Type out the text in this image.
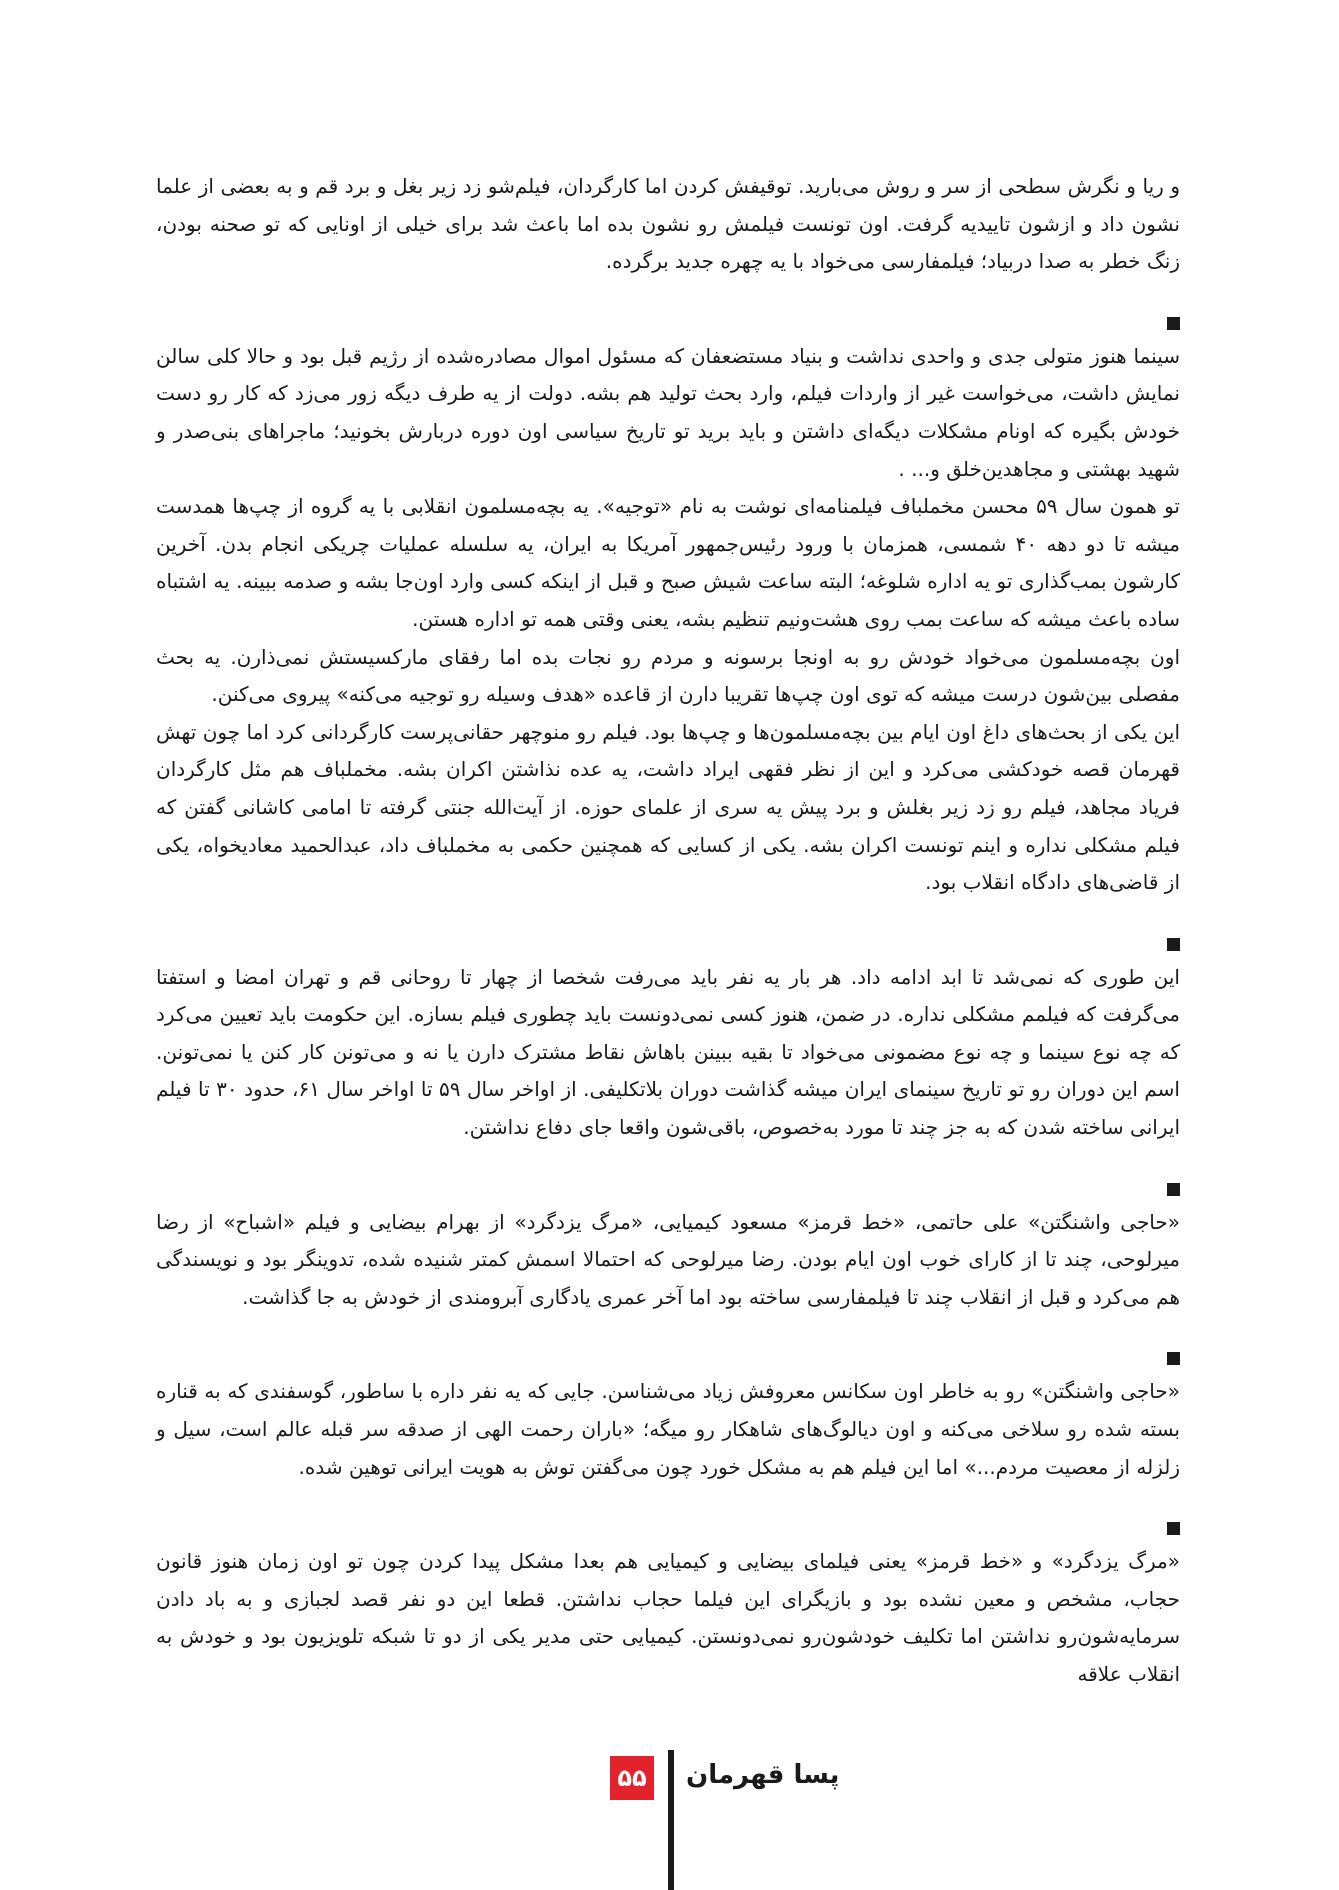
و ریا و نگرش سطحی از سر و روش می‌بارید. توقیفش کردن اما کارگردان، فیلم‌شو زد زیر بغل و برد قم و به بعضی از علما نشون داد و ازشون تاییدیه گرفت. اون تونست فیلمش رو نشون بده اما باعث شد برای خیلی از اونایی که تو صحنه بودن، زنگ خطر به صدا دربیاد؛ فیلمفارسی می‌خواد با یه چهره جدید برگرده.

سینما هنوز متولی جدی و واحدی نداشت و بنیاد مستضعفان که مسئول اموال مصادره‌شده از رژیم قبل بود و حالا کلی سالن نمایش داشت، می‌خواست غیر از واردات فیلم، وارد بحث تولید هم بشه. دولت از یه طرف دیگه زور می‌زد که کار رو دست خودش بگیره که اونام مشکلات دیگه‌ای داشتن و باید برید تو تاریخ سیاسی اون دوره دربارش بخونید؛ ماجراهای بنی‌صدر و شهید بهشتی و مجاهدین‌خلق و... .

تو همون سال ۵۹ محسن مخملباف فیلمنامه‌ای نوشت به نام «توجیه». یه بچه‌مسلمون انقلابی با یه گروه از چپ‌ها همدست میشه تا دو دهه ۴۰ شمسی، همزمان با ورود رئیس‌جمهور آمریکا به ایران، یه سلسله عملیات چریکی انجام بدن. آخرین کارشون بمب‌گذاری تو یه اداره شلوغه؛ البته ساعت شیش صبح و قبل از اینکه کسی وارد اون‌جا بشه و صدمه ببینه. یه اشتباه ساده باعث میشه که ساعت بمب روی هشت‌ونیم تنظیم بشه، یعنی وقتی همه تو اداره هستن.

اون بچه‌مسلمون می‌خواد خودش رو به اونجا برسونه و مردم رو نجات بده اما رفقای مارکسیستش نمی‌ذارن. یه بحث مفصلی بین‌شون درست میشه که توی اون چپ‌ها تقریبا دارن از قاعده «هدف وسیله رو توجیه می‌کنه» پیروی می‌کنن.

این یکی از بحث‌های داغ اون ایام بین بچه‌مسلمون‌ها و چپ‌ها بود. فیلم رو منوچهر حقانی‌پرست کارگردانی کرد اما چون تهش قهرمان قصه خودکشی می‌کرد و این از نظر فقهی ایراد داشت، یه عده نذاشتن اکران بشه. مخملباف هم مثل کارگردان فریاد مجاهد، فیلم رو زد زیر بغلش و برد پیش یه سری از علمای حوزه. از آیت‌الله جنتی گرفته تا امامی کاشانی گفتن که فیلم مشکلی نداره و اینم تونست اکران بشه. یکی از کسایی که همچنین حکمی به مخملباف داد، عبدالحمید معادیخواه، یکی از قاضی‌های دادگاه انقلاب بود.

این طوری که نمی‌شد تا ابد ادامه داد. هر بار یه نفر باید می‌رفت شخصا از چهار تا روحانی قم و تهران امضا و استفتا می‌گرفت که فیلمم مشکلی نداره. در ضمن، هنوز کسی نمی‌دونست باید چطوری فیلم بسازه. این حکومت باید تعیین می‌کرد که چه نوع سینما و چه نوع مضمونی می‌خواد تا بقیه ببینن باهاش نقاط مشترک دارن یا نه و می‌تونن کار کنن یا نمی‌تونن. اسم این دوران رو تو تاریخ سینمای ایران میشه گذاشت دوران بلاتکلیفی. از اواخر سال ۵۹ تا اواخر سال ۶۱، حدود ۳۰ تا فیلم ایرانی ساخته شدن که به جز چند تا مورد به‌خصوص، باقی‌شون واقعا جای دفاع نداشتن.

«حاجی واشنگتن» علی حاتمی، «خط قرمز» مسعود کیمیایی، «مرگ یزدگرد» از بهرام بیضایی و فیلم «اشباح» از رضا میرلوحی، چند تا از کارای خوب اون ایام بودن. رضا میرلوحی که احتمالا اسمش کمتر شنیده شده، تدوینگر بود و نویسندگی هم می‌کرد و قبل از انقلاب چند تا فیلمفارسی ساخته بود اما آخر عمری یادگاری آبرومندی از خودش به جا گذاشت.

«حاجی واشنگتن» رو به خاطر اون سکانس معروفش زیاد می‌شناسن. جایی که یه نفر داره با ساطور، گوسفندی که به قناره بسته شده رو سلاخی می‌کنه و اون دیالوگ‌های شاهکار رو میگه؛ «باران رحمت الهی از صدقه سر قبله عالم است، سیل و زلزله از معصیت مردم...» اما این فیلم هم به مشکل خورد چون می‌گفتن توش به هویت ایرانی توهین شده.

«مرگ یزدگرد» و «خط قرمز» یعنی فیلمای بیضایی و کیمیایی هم بعدا مشکل پیدا کردن چون تو اون زمان هنوز قانون حجاب، مشخص و معین نشده بود و بازیگرای این فیلما حجاب نداشتن. قطعا این دو نفر قصد لجبازی و به باد دادن سرمایه‌شون‌رو نداشتن اما تکلیف خودشون‌رو نمی‌دونستن. کیمیایی حتی مدیر یکی از دو تا شبکه تلویزیون بود و خودش به انقلاب علاقه

۵۵ پسا قهرمان
